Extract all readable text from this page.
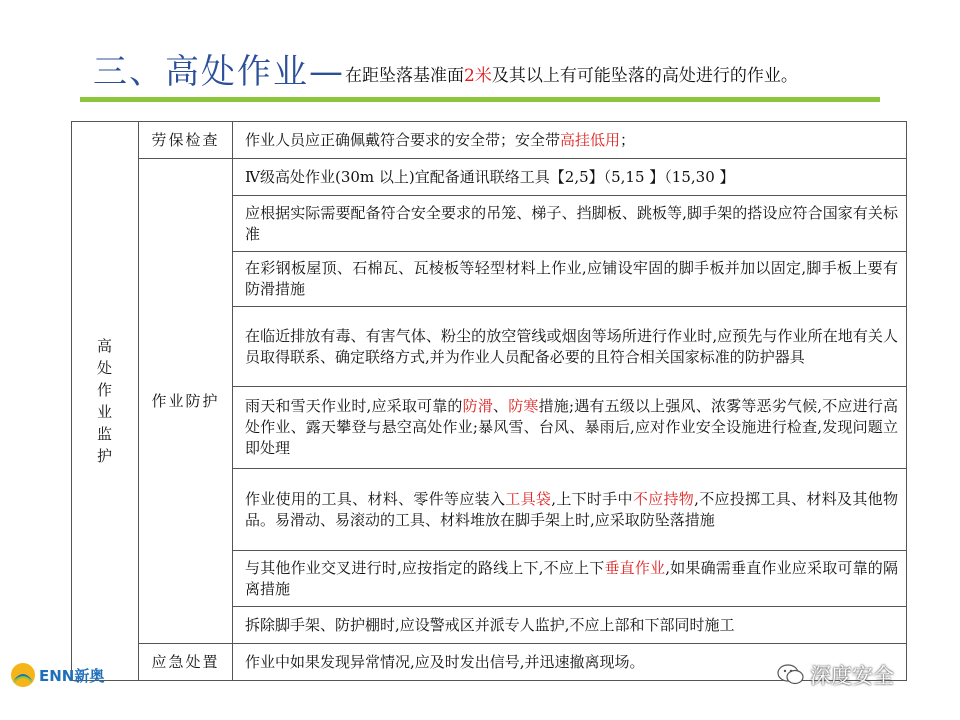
三、高处作业— 在距坠落基准面2米及其以上有可能坠落的高处进行的作业。
高处作业监护	劳保检查	作业人员应正确佩戴符合要求的安全带；安全带高挂低用；
	作业防护	Ⅳ级高处作业(30m 以上)宜配备通讯联络工具【2,5】（5,15 】（15,30 】
		应根据实际需要配备符合安全要求的吊笼、梯子、挡脚板、跳板等,脚手架的搭设应符合国家有关标准
		在彩钢板屋顶、石棉瓦、瓦棱板等轻型材料上作业,应铺设牢固的脚手板并加以固定,脚手板上要有防滑措施
		在临近排放有毒、有害气体、粉尘的放空管线或烟囱等场所进行作业时,应预先与作业所在地有关人员取得联系、确定联络方式,并为作业人员配备必要的且符合相关国家标准的防护器具
		雨天和雪天作业时,应采取可靠的防滑、防寒措施;遇有五级以上强风、浓雾等恶劣气候,不应进行高处作业、露天攀登与悬空高处作业;暴风雪、台风、暴雨后,应对作业安全设施进行检查,发现问题立即处理
		作业使用的工具、材料、零件等应装入工具袋,上下时手中不应持物,不应投掷工具、材料及其他物品。易滑动、易滚动的工具、材料堆放在脚手架上时,应采取防坠落措施
		与其他作业交叉进行时,应按指定的路线上下,不应上下垂直作业,如果确需垂直作业应采取可靠的隔离措施
		拆除脚手架、防护棚时,应设警戒区并派专人监护,不应上部和下部同时施工
	应急处置	作业中如果发现异常情况,应及时发出信号,并迅速撤离现场。
ENN新奥	深度安全
